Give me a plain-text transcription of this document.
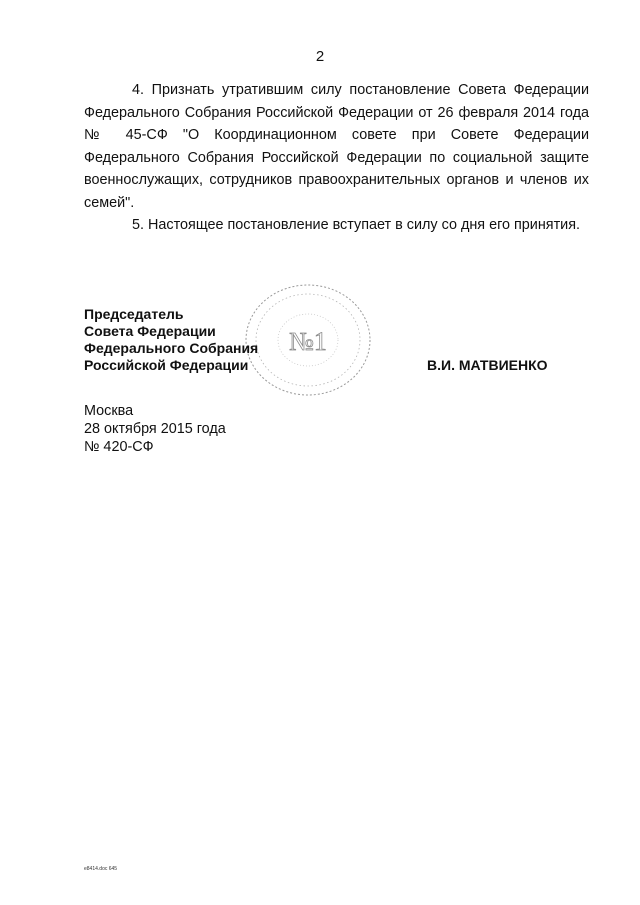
2

4. Признать утратившим силу постановление Совета Федерации Федерального Собрания Российской Федерации от 26 февраля 2014 года № 45-СФ "О Координационном совете при Совете Федерации Федерального Собрания Российской Федерации по социальной защите военнослужащих, сотрудников правоохранительных органов и членов их семей".

5. Настоящее постановление вступает в силу со дня его принятия.

№1
Председатель
Совета Федерации
Федерального Собрания
Российской Федерации	В.И. МАТВИЕНКО
Москва
28 октября 2015 года
№ 420-СФ
e8414.doc 645
